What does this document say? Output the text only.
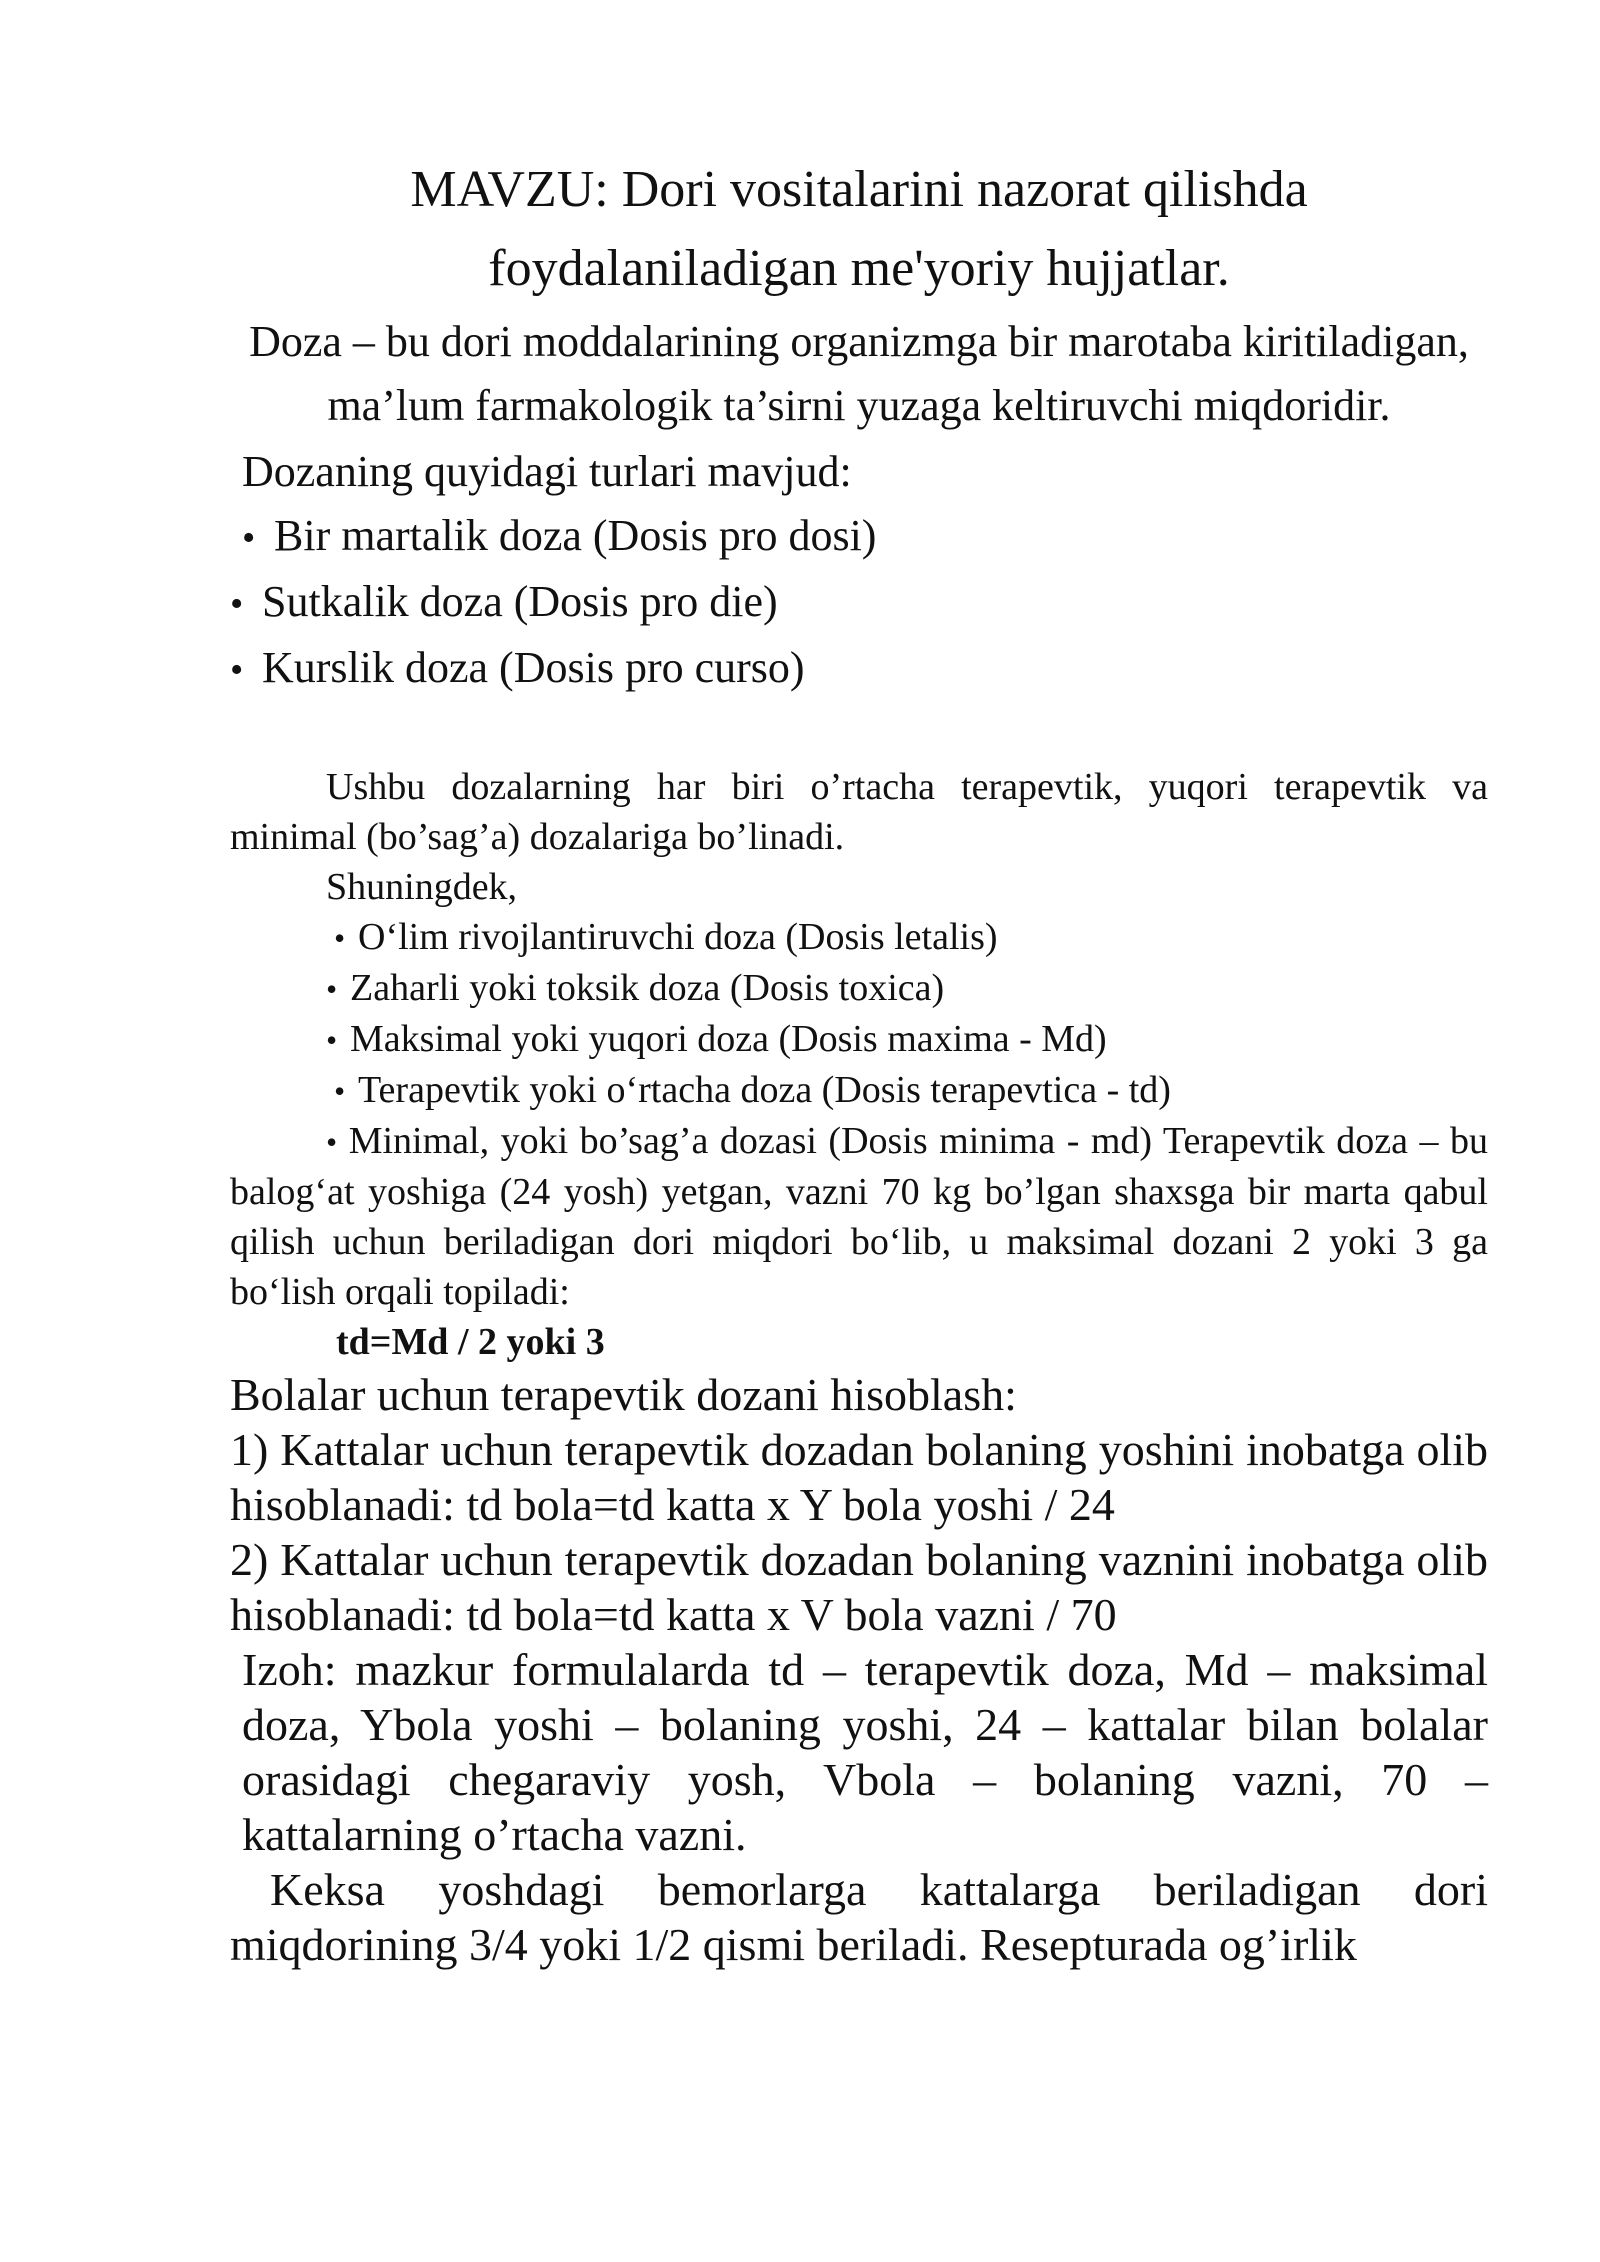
MAVZU: Dori vositalarini nazorat qilishda
foydalaniladigan me'yoriy hujjatlar.

Doza – bu dori moddalarining organizmga bir marotaba kiritiladigan, ma’lum farmakologik ta’sirni yuzaga keltiruvchi miqdoridir.

Dozaning quyidagi turlari mavjud:

• Bir martalik doza (Dosis pro dosi)
• Sutkalik doza (Dosis pro die)
• Kurslik doza (Dosis pro curso)

Ushbu dozalarning har biri o’rtacha terapevtik, yuqori terapevtik va minimal (bo’sag’a) dozalariga bo’linadi.

Shuningdek,

• O‘lim rivojlantiruvchi doza (Dosis letalis)
• Zaharli yoki toksik doza (Dosis toxica)
• Maksimal yoki yuqori doza (Dosis maxima - Md)
• Terapevtik yoki o‘rtacha doza (Dosis terapevtica - td)

• Minimal, yoki bo’sag’a dozasi (Dosis minima - md) Terapevtik doza – bu balog‘at yoshiga (24 yosh) yetgan, vazni 70 kg bo’lgan shaxsga bir marta qabul qilish uchun beriladigan dori miqdori bo‘lib, u maksimal dozani 2 yoki 3 ga bo‘lish orqali topiladi:

td=Md / 2 yoki 3

Bolalar uchun terapevtik dozani hisoblash:

1) Kattalar uchun terapevtik dozadan bolaning yoshini inobatga olib hisoblanadi: td bola=td katta x Y bola yoshi / 24

2) Kattalar uchun terapevtik dozadan bolaning vaznini inobatga olib hisoblanadi: td bola=td katta x V bola vazni / 70

Izoh: mazkur formulalarda td – terapevtik doza, Md – maksimal doza, Ybola yoshi – bolaning yoshi, 24 – kattalar bilan bolalar orasidagi chegaraviy yosh, Vbola – bolaning vazni, 70 – kattalarning o’rtacha vazni.

Keksa yoshdagi bemorlarga kattalarga beriladigan dori miqdorining 3/4 yoki 1/2 qismi beriladi. Resepturada og’irlik
